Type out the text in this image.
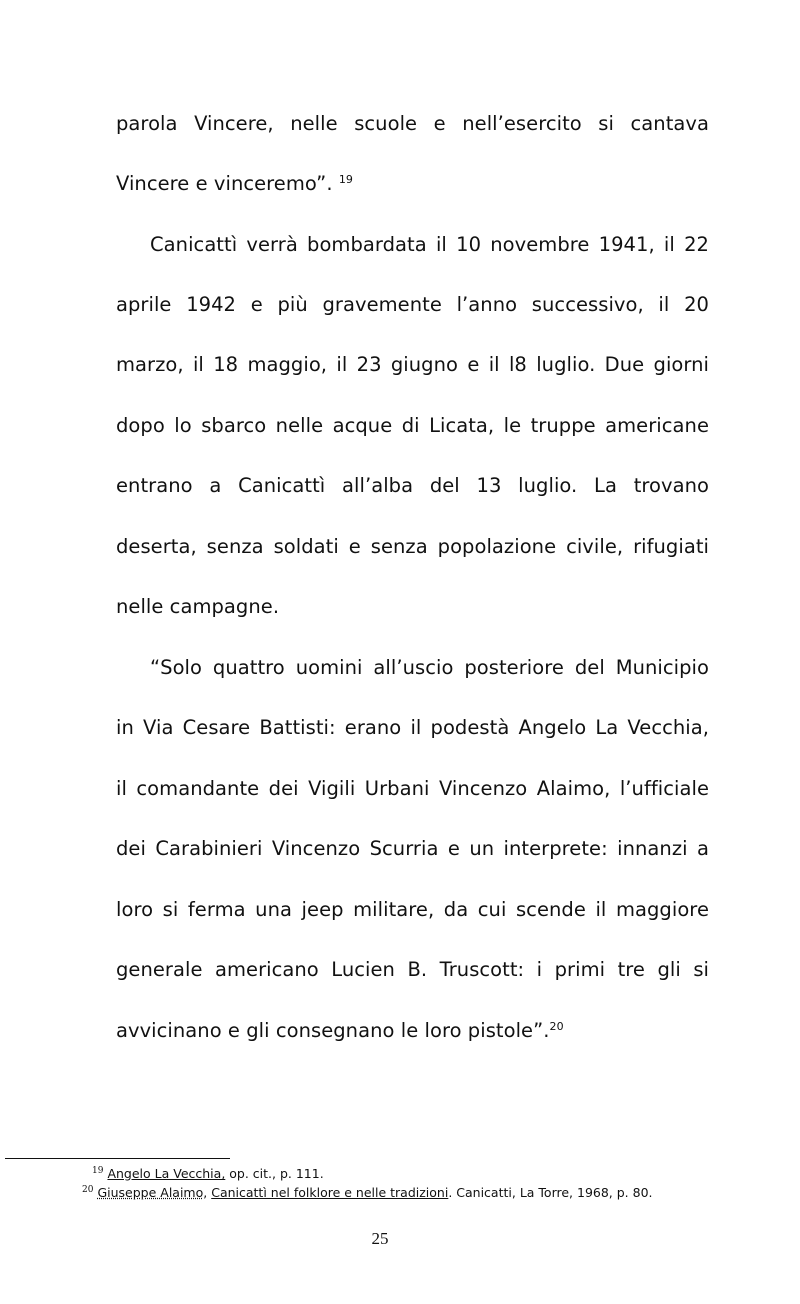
parola Vincere, nelle scuole e nell’esercito si cantava
Vincere e vinceremo”. $^{19}$
Canicattì verrà bombardata il 10 novembre 1941, il 22
aprile 1942 e più gravemente l’anno successivo, il 20
marzo, il 18 maggio, il 23 giugno e il l8 luglio. Due giorni
dopo lo sbarco nelle acque di Licata, le truppe americane
entrano a Canicattì all’alba del 13 luglio. La trovano
deserta, senza soldati e senza popolazione civile, rifugiati
nelle campagne.
“Solo quattro uomini all’uscio posteriore del Municipio
in Via Cesare Battisti: erano il podestà Angelo La Vecchia,
il comandante dei Vigili Urbani Vincenzo Alaimo, l’ufficiale
dei Carabinieri Vincenzo Scurria e un interprete: innanzi a
loro si ferma una jeep militare, da cui scende il maggiore
generale americano Lucien B. Truscott: i primi tre gli si
avvicinano e gli consegnano le loro pistole”.$^{20}$
$^{19}$ Angelo La Vecchia, op. cit., p. 111.
$^{20}$ Giuseppe Alaimo, Canicattì nel folklore e nelle tradizioni. Canicatti, La Torre, 1968, p. 80.
25
